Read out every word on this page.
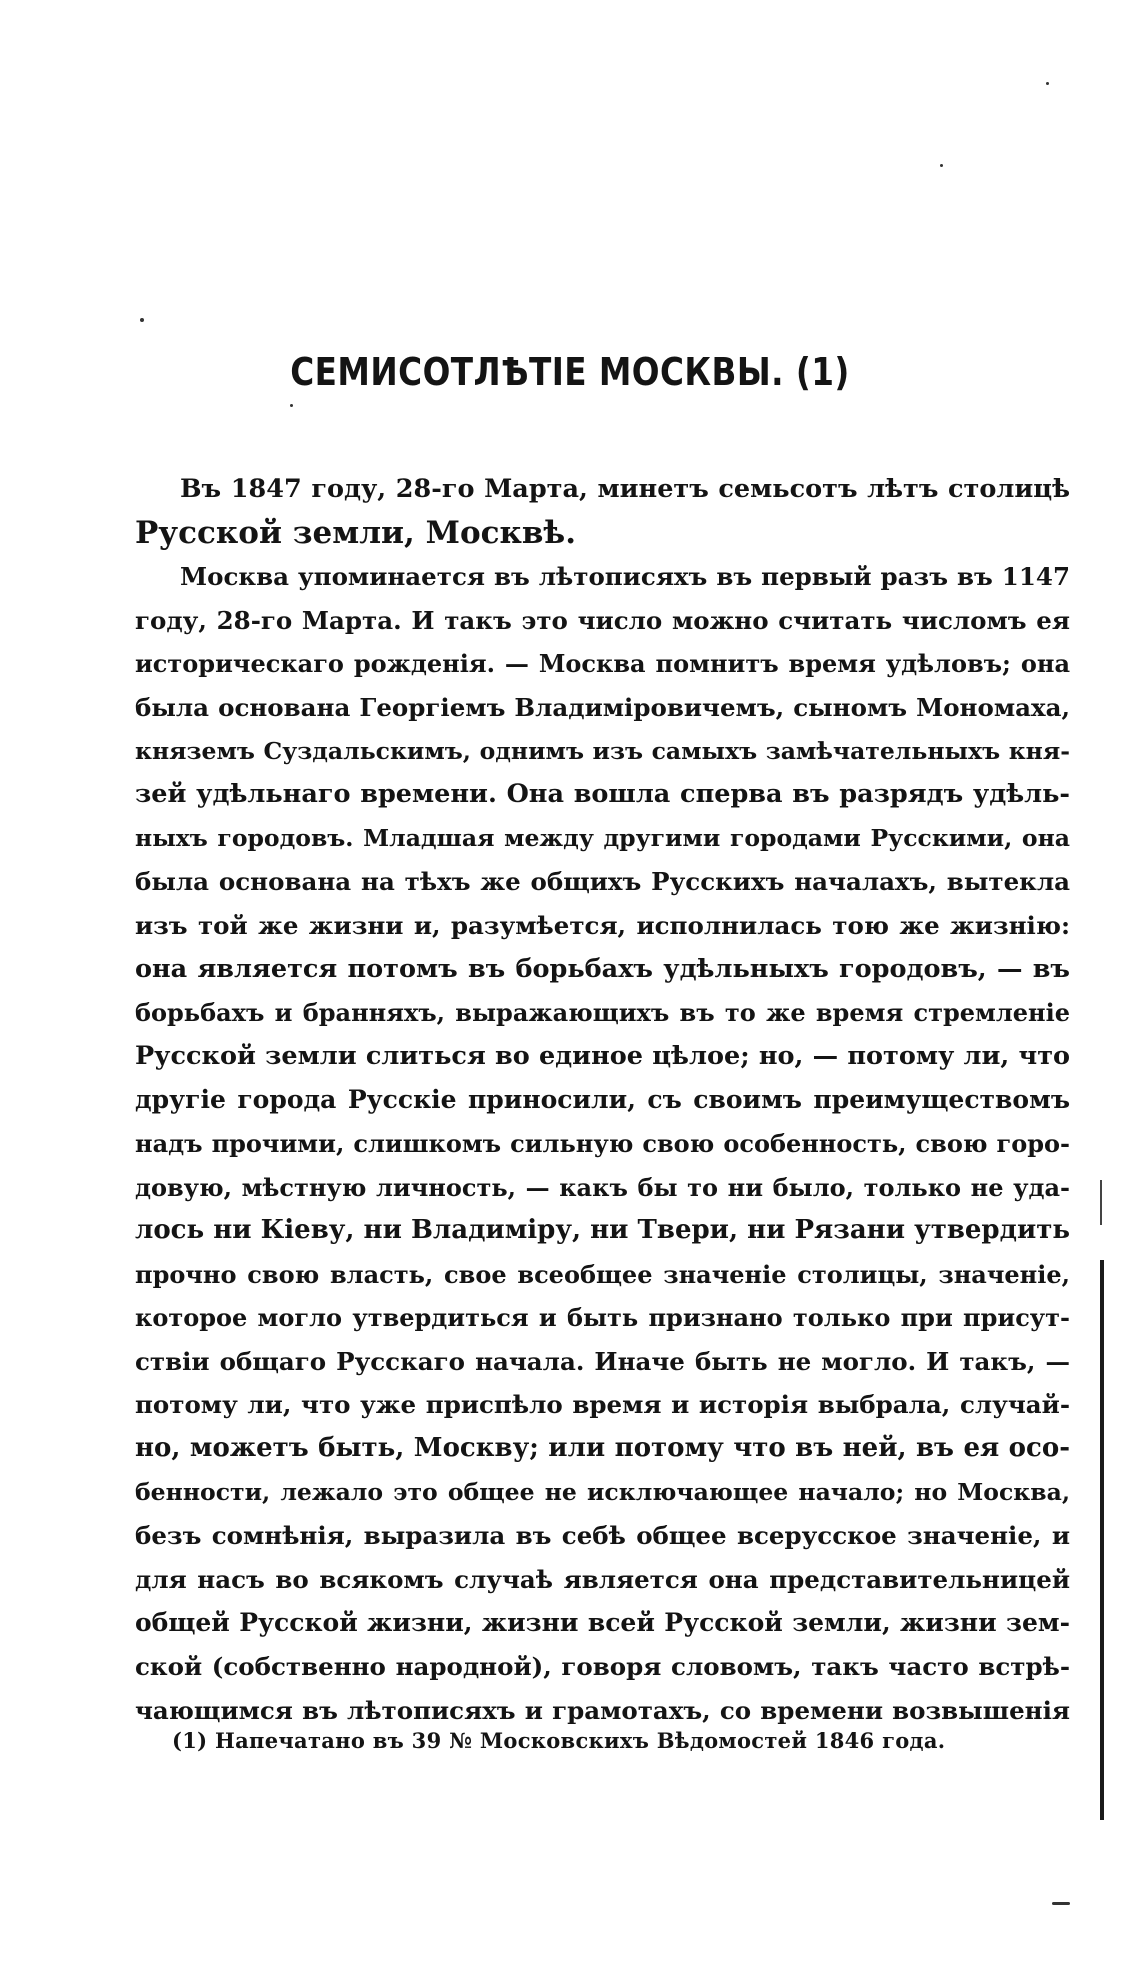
СЕМИСОТЛѢТІЕ МОСКВЫ. (1)
Въ 1847 году, 28-го Марта, минетъ семьсотъ лѣтъ столицѣ
Русской земли, Москвѣ.
Москва упоминается въ лѣтописяхъ въ первый разъ въ 1147
году, 28-го Марта. И такъ это число можно считать числомъ ея
историческаго рожденія. — Москва помнитъ время удѣловъ; она
была основана Георгіемъ Владиміровичемъ, сыномъ Мономаха,
княземъ Суздальскимъ, однимъ изъ самыхъ замѣчательныхъ кня-
зей удѣльнаго времени. Она вошла сперва въ разрядъ удѣль-
ныхъ городовъ. Младшая между другими городами Русскими, она
была основана на тѣхъ же общихъ Русскихъ началахъ, вытекла
изъ той же жизни и, разумѣется, исполнилась тою же жизнію:
она является потомъ въ борьбахъ удѣльныхъ городовъ, — въ
борьбахъ и бранняхъ, выражающихъ въ то же время стремленіе
Русской земли слиться во единое цѣлое; но, — потому ли, что
другіе города Русскіе приносили, съ своимъ преимуществомъ
надъ прочими, слишкомъ сильную свою особенность, свою горо-
довую, мѣстную личность, — какъ бы то ни было, только не уда-
лось ни Кіеву, ни Владиміру, ни Твери, ни Рязани утвердить
прочно свою власть, свое всеобщее значеніе столицы, значеніе,
которое могло утвердиться и быть признано только при присут-
ствіи общаго Русскаго начала. Иначе быть не могло. И такъ, —
потому ли, что уже приспѣло время и исторія выбрала, случай-
но, можетъ быть, Москву; или потому что въ ней, въ ея осо-
бенности, лежало это общее не исключающее начало; но Москва,
безъ сомнѣнія, выразила въ себѣ общее всерусское значеніе, и
для насъ во всякомъ случаѣ является она представительницей
общей Русской жизни, жизни всей Русской земли, жизни зем-
ской (собственно народной), говоря словомъ, такъ часто встрѣ-
чающимся въ лѣтописяхъ и грамотахъ, со времени возвышенія
(1) Напечатано въ 39 № Московскихъ Вѣдомостей 1846 года.
